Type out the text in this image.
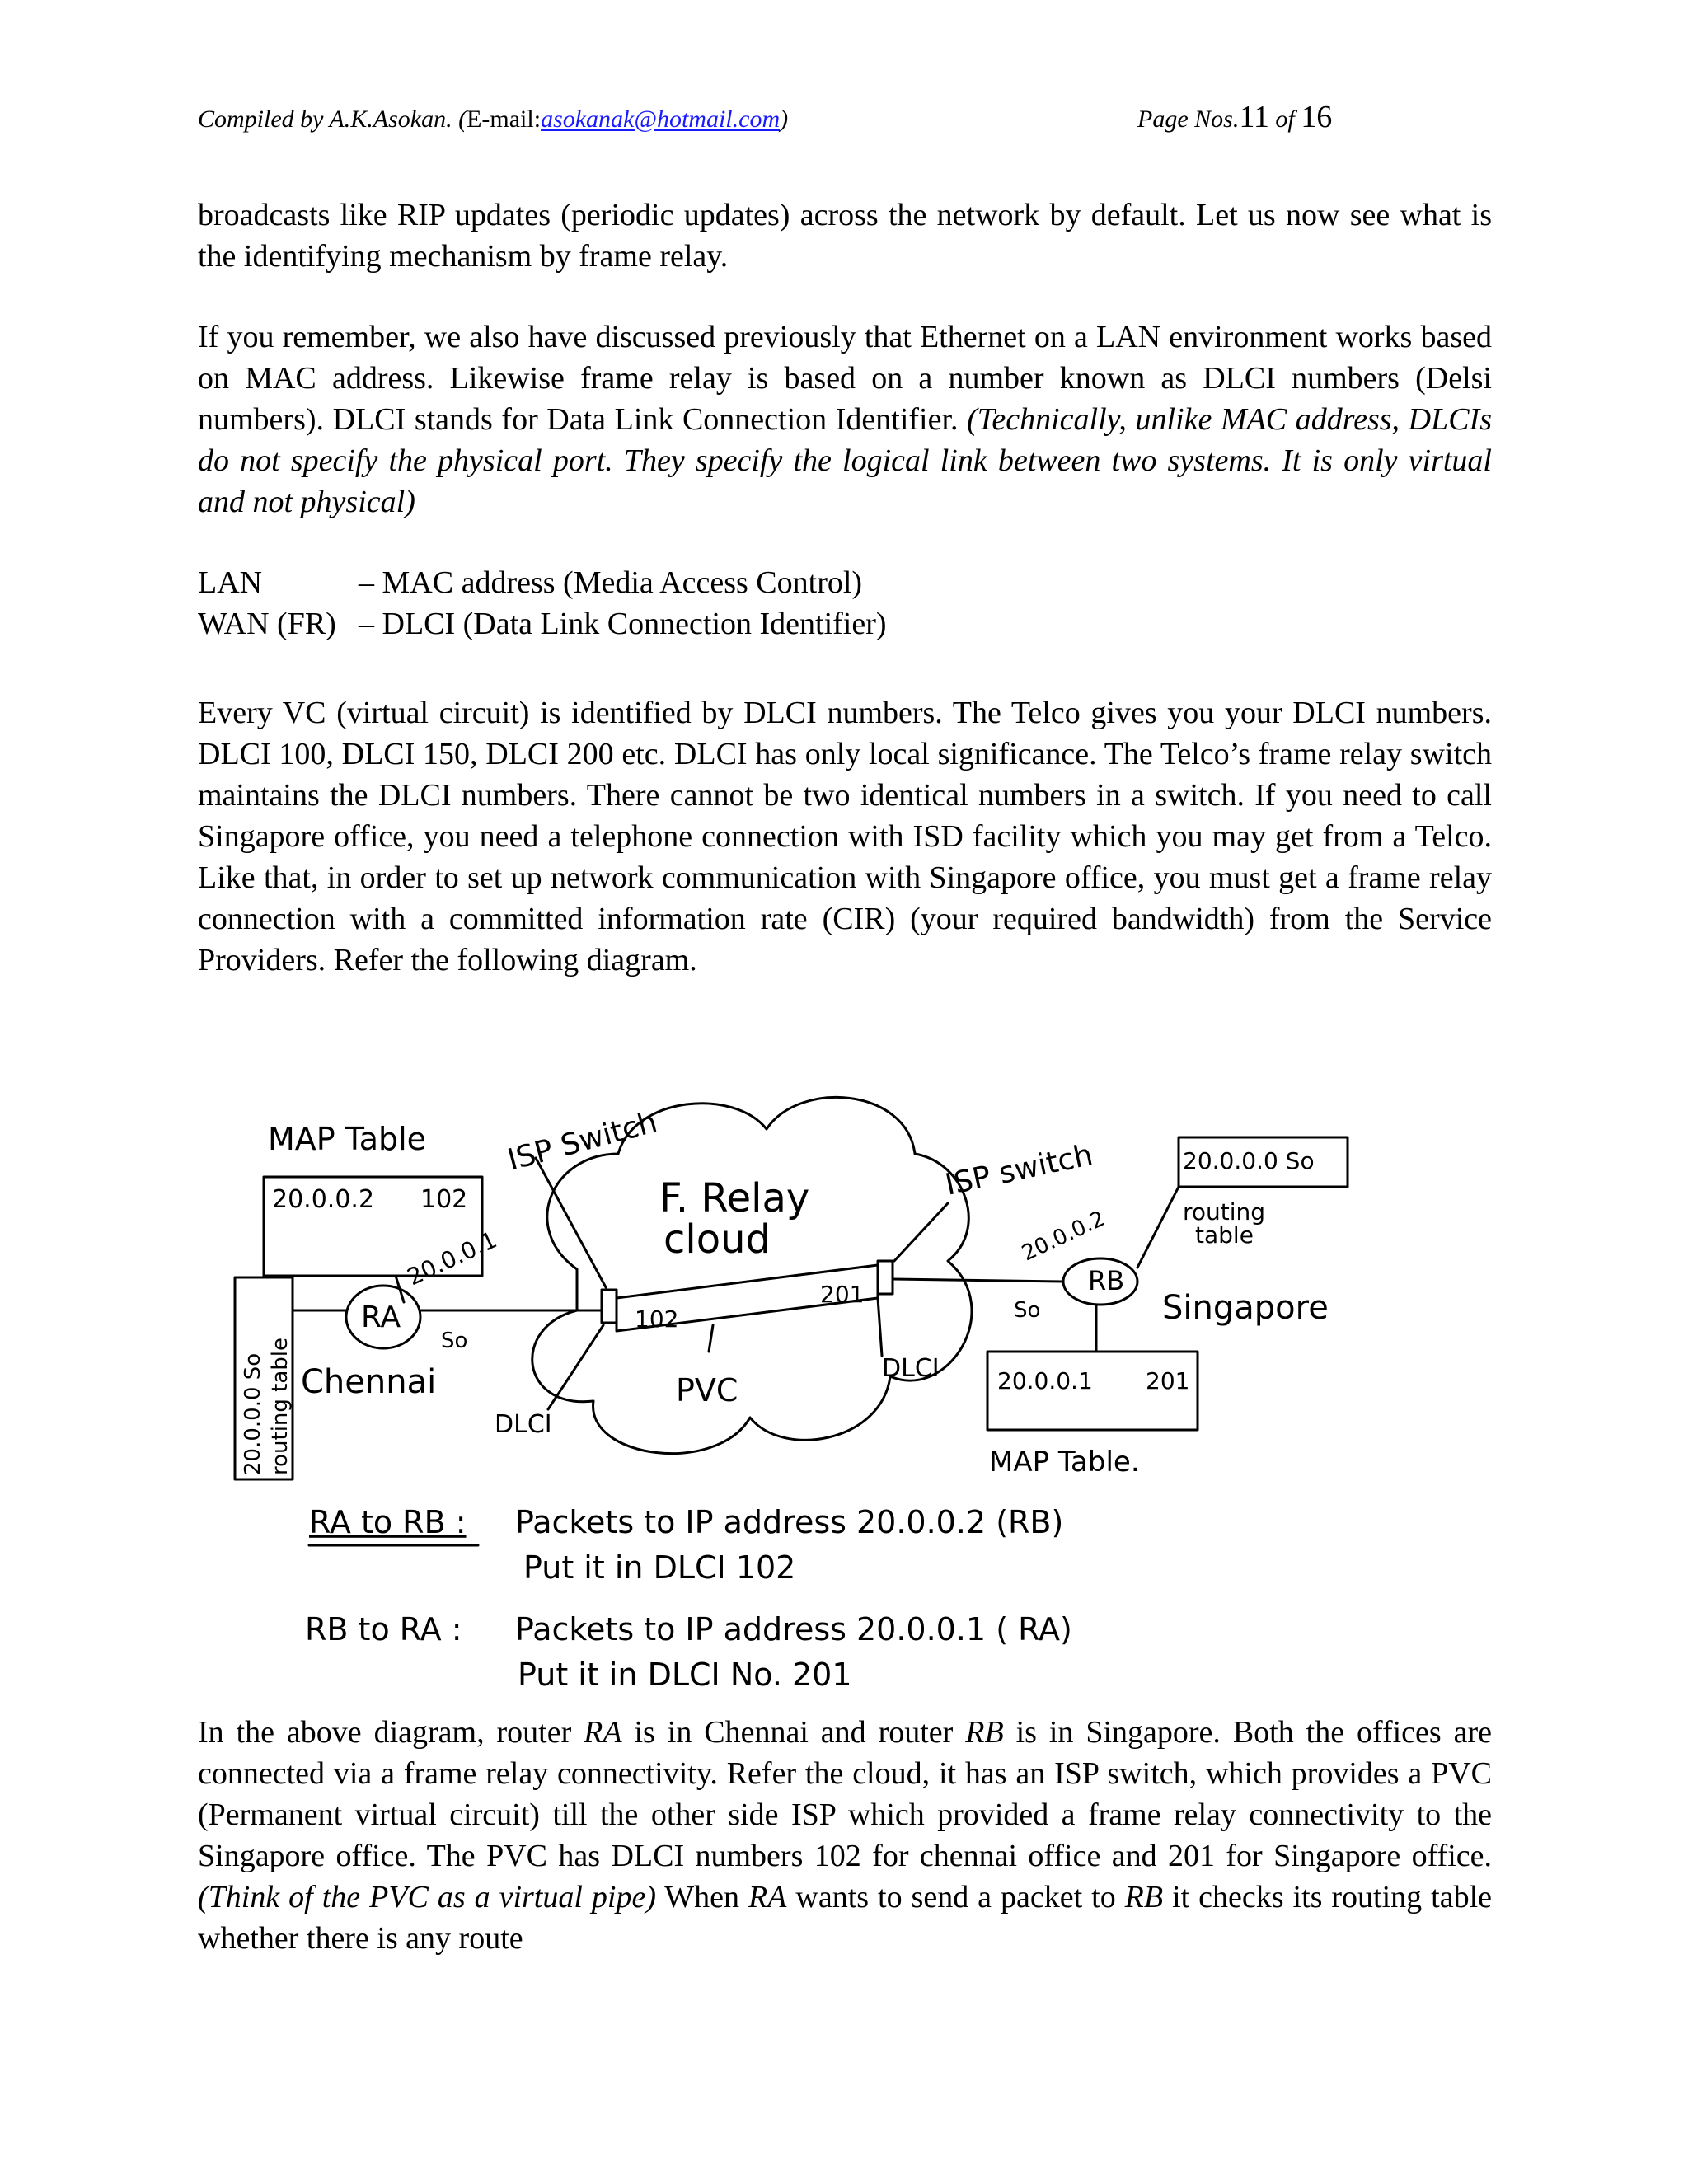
Compiled by A.K.Asokan. (E-mail:asokanak@hotmail.com)	Page Nos.11 of 16

broadcasts like RIP updates (periodic updates) across the network by default. Let us now see what is the identifying mechanism by frame relay.

If you remember, we also have discussed previously that Ethernet on a LAN environment works based on MAC address. Likewise frame relay is based on a number known as DLCI numbers (Delsi numbers). DLCI stands for Data Link Connection Identifier. (Technically, unlike MAC address, DLCIs do not specify the physical port. They specify the logical link between two systems. It is only virtual and not physical)

LAN	– MAC address (Media Access Control)
WAN (FR) – DLCI (Data Link Connection Identifier)

Every VC (virtual circuit) is identified by DLCI numbers. The Telco gives you your DLCI numbers. DLCI 100, DLCI 150, DLCI 200 etc. DLCI has only local significance. The Telco’s frame relay switch maintains the DLCI numbers. There cannot be two identical numbers in a switch. If you need to call Singapore office, you need a telephone connection with ISD facility which you may get from a Telco. Like that, in order to set up network communication with Singapore office, you must get a frame relay connection with a committed information rate (CIR) (your required bandwidth) from the Service Providers. Refer the following diagram.

MAP Table	ISP Switch
F. Relay
cloud
ISP switch	20.0.0.0 So
routing
table
20.0.0.2
RB
Singapore
So
RA
20.0.0.1
So
Chennai
102
201
PVC
DLCI
DLCI	20.0.0.1 201
MAP Table.
20.0.0.0 So routing table
20.0.0.2 102
RA to RB : Packets to IP address 20.0.0.2 (RB)
Put it in DLCI 102
RB to RA : Packets to IP address 20.0.0.1 ( RA)
Put it in DLCI No. 201

In the above diagram, router RA is in Chennai and router RB is in Singapore. Both the offices are connected via a frame relay connectivity. Refer the cloud, it has an ISP switch, which provides a PVC (Permanent virtual circuit) till the other side ISP which provided a frame relay connectivity to the Singapore office. The PVC has DLCI numbers 102 for chennai office and 201 for Singapore office. (Think of the PVC as a virtual pipe) When RA wants to send a packet to RB it checks its routing table whether there is any route
